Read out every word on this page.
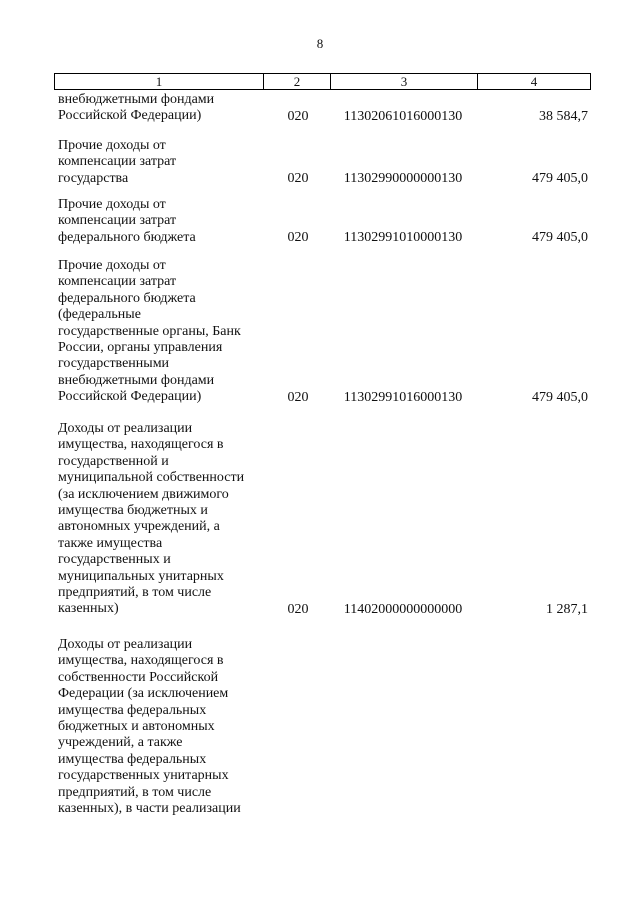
8
1	2	3	4

внебюджетными фондами

Российской Федерации)	020	11302061016000130	38 584,7

Прочие доходы от

компенсации затрат

государства	020	11302990000000130	479 405,0

Прочие доходы от

компенсации затрат

федерального бюджета	020	11302991010000130	479 405,0

Прочие доходы от

компенсации затрат

федерального бюджета

(федеральные

государственные органы, Банк

России, органы управления

государственными

внебюджетными фондами

Российской Федерации)	020	11302991016000130	479 405,0

Доходы от реализации

имущества, находящегося в

государственной и

муниципальной собственности

(за исключением движимого

имущества бюджетных и

автономных учреждений, а

также имущества

государственных и

муниципальных унитарных

предприятий, в том числе

казенных)	020	11402000000000000	1 287,1

Доходы от реализации

имущества, находящегося в

собственности Российской

Федерации (за исключением

имущества федеральных

бюджетных и автономных

учреждений, а также

имущества федеральных

государственных унитарных

предприятий, в том числе

казенных), в части реализации
